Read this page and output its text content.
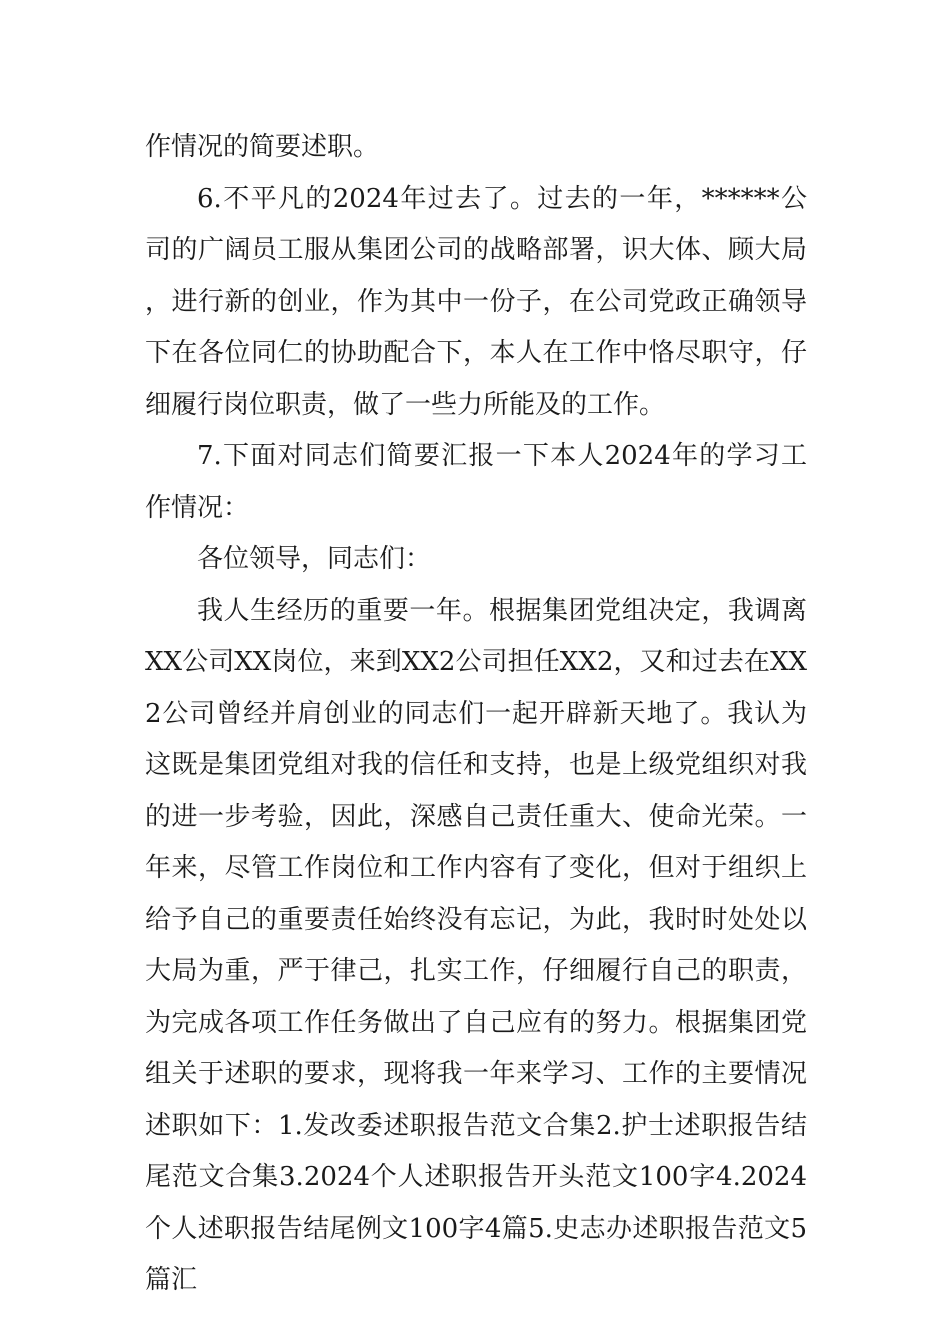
作情况的简要述职。

6.不平凡的2024年过去了。过去的一年，******公司的广阔员工服从集团公司的战略部署，识大体、顾大局，进行新的创业，作为其中一份子，在公司党政正确领导下在各位同仁的协助配合下，本人在工作中恪尽职守，仔细履行岗位职责，做了一些力所能及的工作。

7.下面对同志们简要汇报一下本人2024年的学习工作情况：

各位领导，同志们：

我人生经历的重要一年。根据集团党组决定，我调离XX公司XX岗位，来到XX2公司担任XX2，又和过去在XX2公司曾经并肩创业的同志们一起开辟新天地了。我认为这既是集团党组对我的信任和支持，也是上级党组织对我的进一步考验，因此，深感自己责任重大、使命光荣。一年来，尽管工作岗位和工作内容有了变化，但对于组织上给予自己的重要责任始终没有忘记，为此，我时时处处以大局为重，严于律己，扎实工作，仔细履行自己的职责，为完成各项工作任务做出了自己应有的努力。根据集团党组关于述职的要求，现将我一年来学习、工作的主要情况述职如下：1.发改委述职报告范文合集2.护士述职报告结尾范文合集3.2024个人述职报告开头范文100字4.2024个人述职报告结尾例文100字4篇5.史志办述职报告范文5篇汇
